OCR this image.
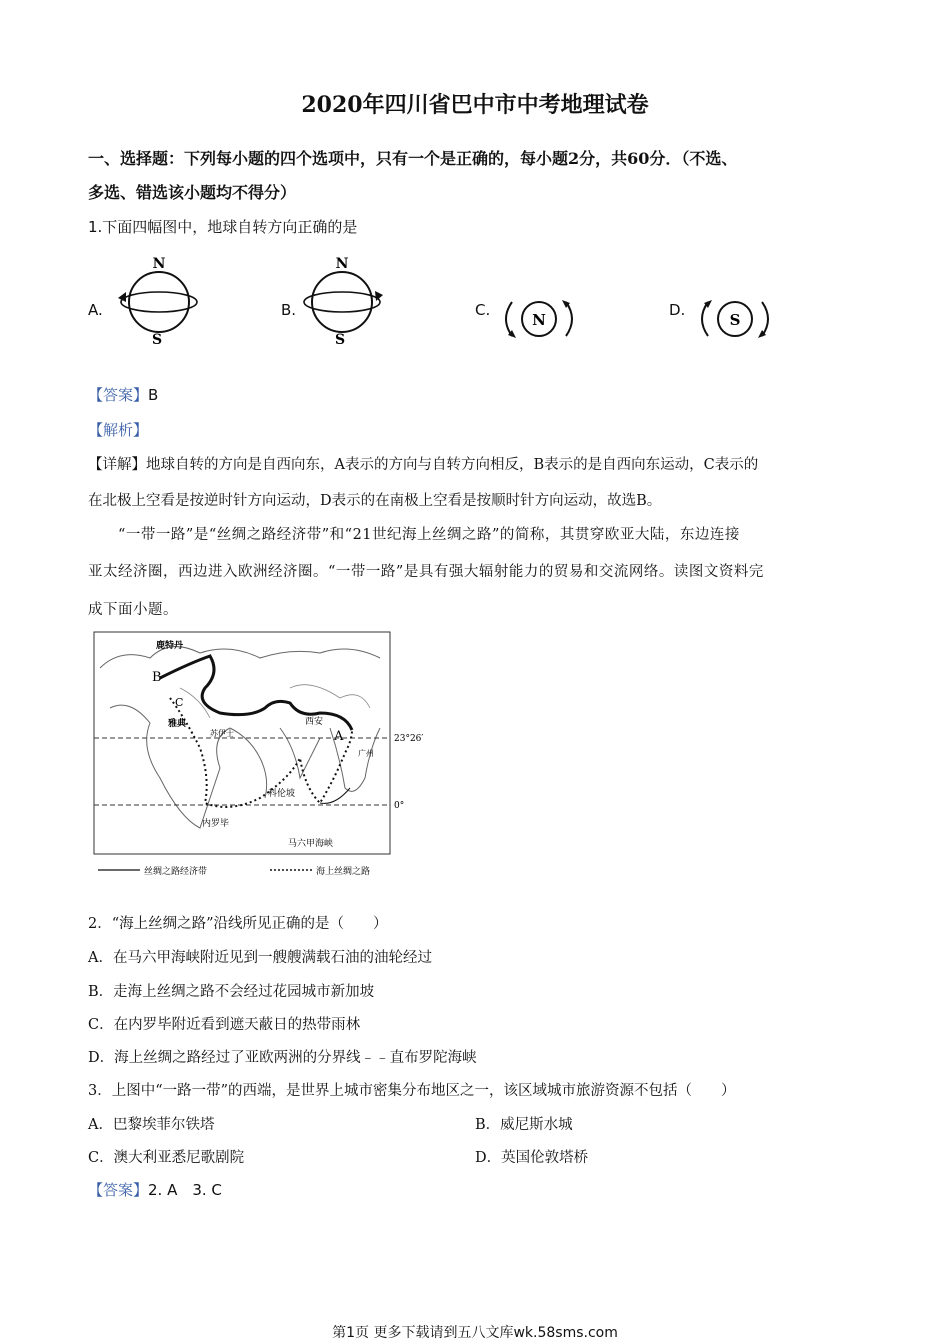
2020年四川省巴中市中考地理试卷
一、选择题：下列每小题的四个选项中，只有一个是正确的，每小题2分，共60分．（不选、
多选、错选该小题均不得分）
1.下面四幅图中，地球自转方向正确的是
A.
N
S
B.
N
S
C.
N
D.
S
【答案】B
【解析】
【详解】地球自转的方向是自西向东，A表示的方向与自转方向相反，B表示的是自西向东运动，C表示的
在北极上空看是按逆时针方向运动，D表示的在南极上空看是按顺时针方向运动，故选B。
“一带一路”是“丝绸之路经济带”和“21世纪海上丝绸之路”的简称，其贯穿欧亚大陆，东边连接
亚太经济圈，西边进入欧洲经济圈。“一带一路”是具有强大辐射能力的贸易和交流网络。读图文资料完
成下面小题。
鹿特丹
B
C
雅典
苏伊士
西安
A
广州
23°26′
科伦坡
0°
内罗毕
马六甲海峡
丝绸之路经济带	海上丝绸之路
2．“海上丝绸之路”沿线所见正确的是（　　）
A．在马六甲海峡附近见到一艘艘满载石油的油轮经过
B．走海上丝绸之路不会经过花园城市新加坡
C．在内罗毕附近看到遮天蔽日的热带雨林
D．海上丝绸之路经过了亚欧两洲的分界线﹣﹣直布罗陀海峡
3．上图中“一路一带”的西端，是世界上城市密集分布地区之一，该区域城市旅游资源不包括（　　）
A．巴黎埃菲尔铁塔	B．威尼斯水城
C．澳大利亚悉尼歌剧院	D．英国伦敦塔桥
【答案】2. A　3. C
第1页 更多下载请到五八文库wk.58sms.com
